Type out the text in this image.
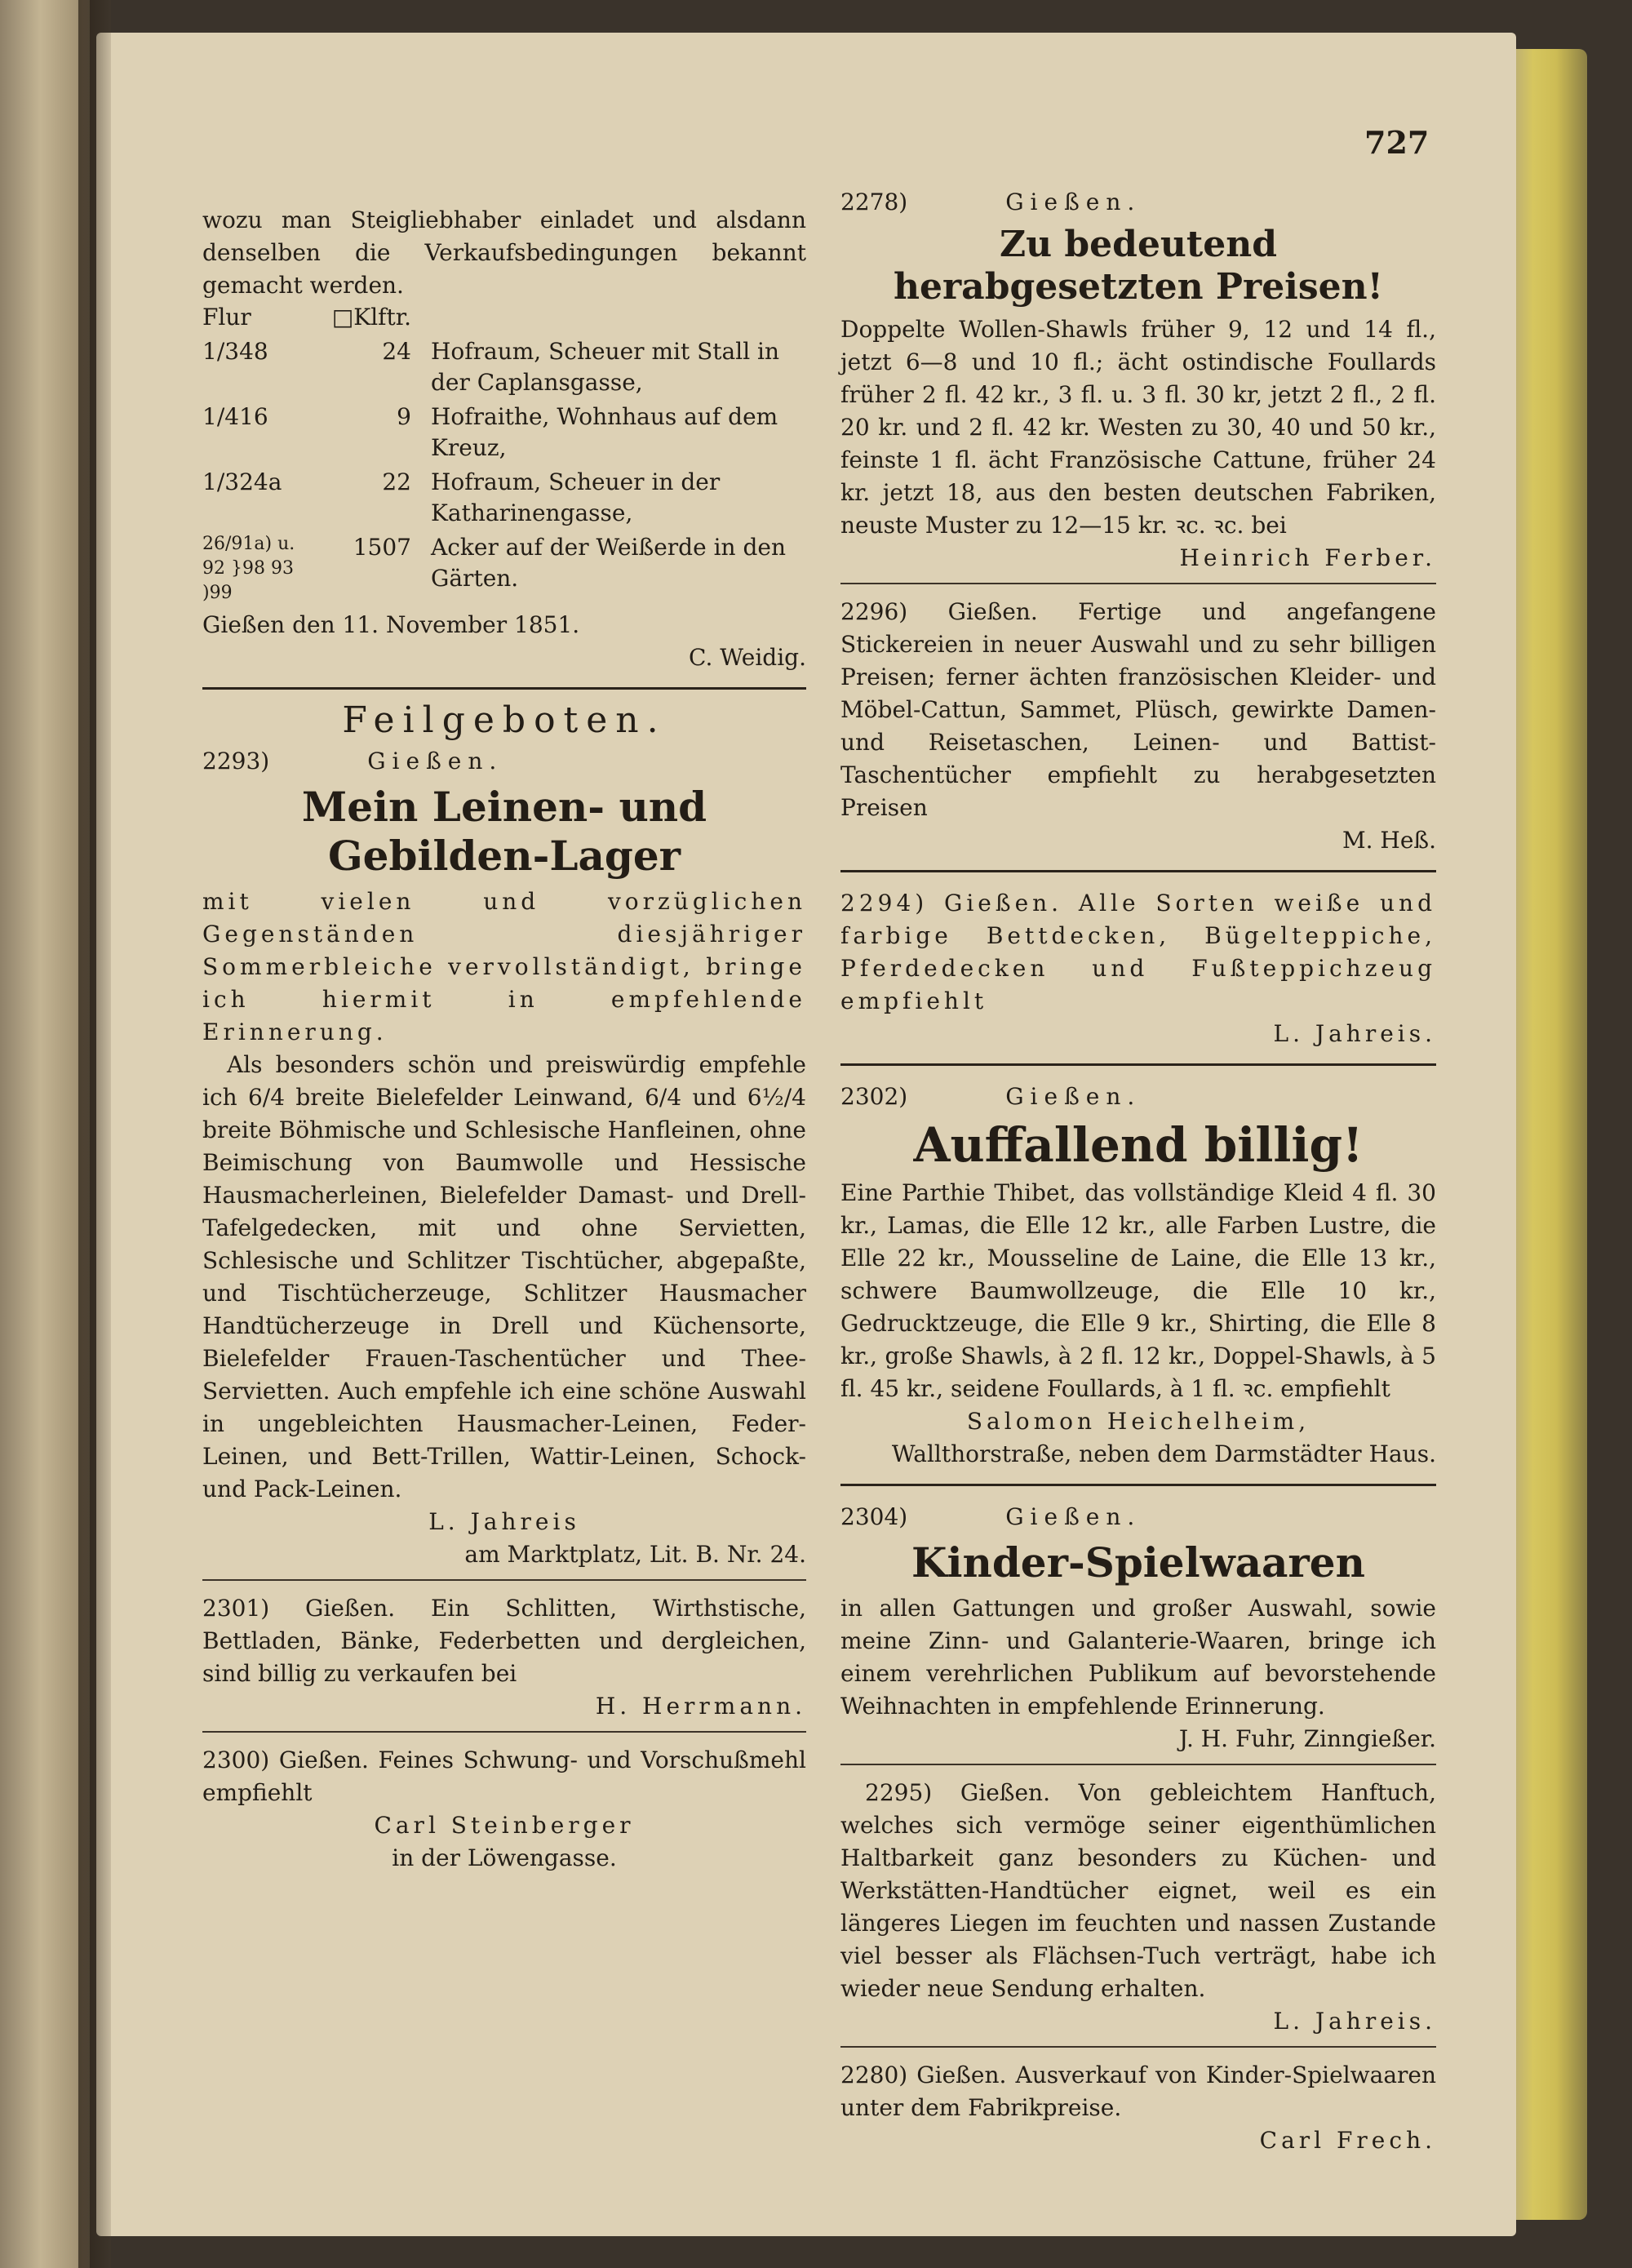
727

wozu man Steigliebhaber einladet und alsdann denselben die Verkaufsbedingungen bekannt gemacht werden.

Flur	□Klftr.	
1/348	24	Hofraum, Scheuer mit Stall in der Caplansgasse,
1/416	9	Hofraithe, Wohnhaus auf dem Kreuz,
1/324a	22	Hofraum, Scheuer in der Katharinengasse,
26/91a) u. 92 }98 93 )99	1507	Acker auf der Weißerde in den Gärten.

Gießen den 11. November 1851.

C. Weidig.

Feilgeboten.

2293)	Gießen.

Mein Leinen- und Gebilden-Lager

mit vielen und vorzüglichen Gegenständen diesjähriger Sommerbleiche vervollständigt, bringe ich hiermit in empfehlende Erinnerung.

Als besonders schön und preiswürdig empfehle ich 6/4 breite Bielefelder Leinwand, 6/4 und 6½/4 breite Böhmische und Schlesische Hanfleinen, ohne Beimischung von Baumwolle und Hessische Hausmacherleinen, Bielefelder Damast- und Drell-Tafelgedecken, mit und ohne Servietten, Schlesische und Schlitzer Tischtücher, abgepaßte, und Tischtücherzeuge, Schlitzer Hausmacher Handtücherzeuge in Drell und Küchensorte, Bielefelder Frauen-Taschentücher und Thee-Servietten. Auch empfehle ich eine schöne Auswahl in ungebleichten Hausmacher-Leinen, Feder-Leinen, und Bett-Trillen, Wattir-Leinen, Schock- und Pack-Leinen.

L. Jahreis

am Marktplatz, Lit. B. Nr. 24.

2301) Gießen. Ein Schlitten, Wirthstische, Bettladen, Bänke, Federbetten und dergleichen, sind billig zu verkaufen bei

H. Herrmann.

2300) Gießen. Feines Schwung- und Vorschußmehl empfiehlt

Carl Steinberger

in der Löwengasse.

2278)	Gießen.

Zu bedeutend herabgesetzten Preisen!

Doppelte Wollen-Shawls früher 9, 12 und 14 fl., jetzt 6—8 und 10 fl.; ächt ostindische Foullards früher 2 fl. 42 kr., 3 fl. u. 3 fl. 30 kr, jetzt 2 fl., 2 fl. 20 kr. und 2 fl. 42 kr. Westen zu 30, 40 und 50 kr., feinste 1 fl. ächt Französische Cattune, früher 24 kr. jetzt 18, aus den besten deutschen Fabriken, neuste Muster zu 12—15 kr. ꝛc. ꝛc. bei

Heinrich Ferber.

2296) Gießen. Fertige und angefangene Stickereien in neuer Auswahl und zu sehr billigen Preisen; ferner ächten französischen Kleider- und Möbel-Cattun, Sammet, Plüsch, gewirkte Damen- und Reisetaschen, Leinen- und Battist-Taschentücher empfiehlt zu herabgesetzten Preisen

M. Heß.

2294) Gießen. Alle Sorten weiße und farbige Bettdecken, Bügelteppiche, Pferdedecken und Fußteppichzeug empfiehlt

L. Jahreis.

2302)	Gießen.

Auffallend billig!

Eine Parthie Thibet, das vollständige Kleid 4 fl. 30 kr., Lamas, die Elle 12 kr., alle Farben Lustre, die Elle 22 kr., Mousseline de Laine, die Elle 13 kr., schwere Baumwollzeuge, die Elle 10 kr., Gedrucktzeuge, die Elle 9 kr., Shirting, die Elle 8 kr., große Shawls, à 2 fl. 12 kr., Doppel-Shawls, à 5 fl. 45 kr., seidene Foullards, à 1 fl. ꝛc. empfiehlt

Salomon Heichelheim,

Wallthorstraße, neben dem Darmstädter Haus.

2304)	Gießen.

Kinder-Spielwaaren

in allen Gattungen und großer Auswahl, sowie meine Zinn- und Galanterie-Waaren, bringe ich einem verehrlichen Publikum auf bevorstehende Weihnachten in empfehlende Erinnerung.

J. H. Fuhr, Zinngießer.

2295) Gießen. Von gebleichtem Hanftuch, welches sich vermöge seiner eigenthümlichen Haltbarkeit ganz besonders zu Küchen- und Werkstätten-Handtücher eignet, weil es ein längeres Liegen im feuchten und nassen Zustande viel besser als Flächsen-Tuch verträgt, habe ich wieder neue Sendung erhalten.

L. Jahreis.

2280) Gießen. Ausverkauf von Kinder-Spielwaaren unter dem Fabrikpreise.

Carl Frech.
